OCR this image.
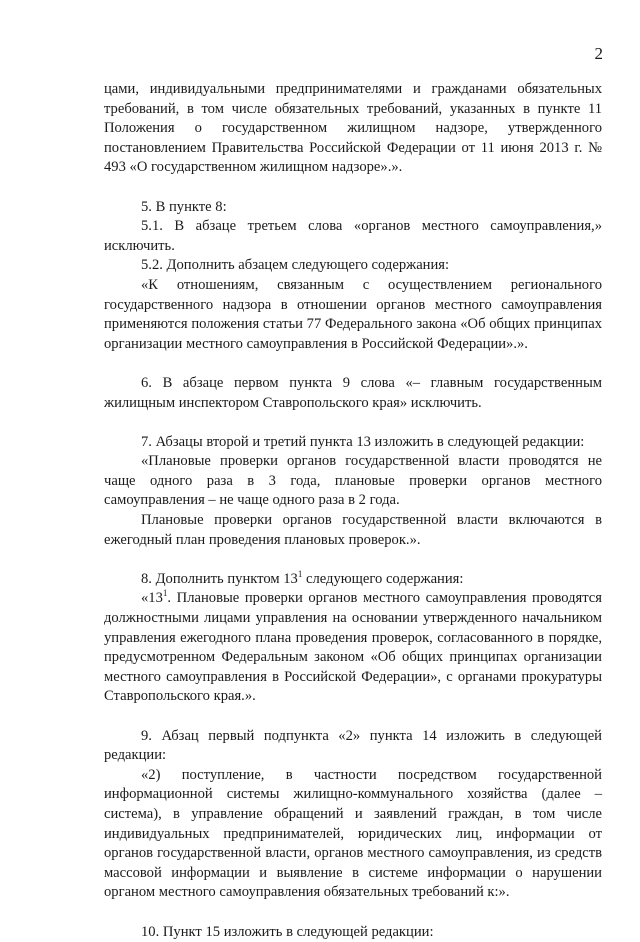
2

цами, индивидуальными предпринимателями и гражданами обязательных требований, в том числе обязательных требований, указанных в пункте 11 Положения о государственном жилищном надзоре, утвержденного постановлением Правительства Российской Федерации от 11 июня 2013 г. № 493 «О государственном жилищном надзоре».».

5. В пункте 8:

5.1. В абзаце третьем слова «органов местного самоуправления,» исключить.

5.2. Дополнить абзацем следующего содержания:

«К отношениям, связанным с осуществлением регионального государственного надзора в отношении органов местного самоуправления применяются положения статьи 77 Федерального закона «Об общих принципах организации местного самоуправления в Российской Федерации».».

6. В абзаце первом пункта 9 слова «– главным государственным жилищным инспектором Ставропольского края» исключить.

7. Абзацы второй и третий пункта 13 изложить в следующей редакции:

«Плановые проверки органов государственной власти проводятся не чаще одного раза в 3 года, плановые проверки органов местного самоуправления – не чаще одного раза в 2 года.

Плановые проверки органов государственной власти включаются в ежегодный план проведения плановых проверок.».

8. Дополнить пунктом 13$^1$ следующего содержания:

«13$^1$. Плановые проверки органов местного самоуправления проводятся должностными лицами управления на основании утвержденного начальником управления ежегодного плана проведения проверок, согласованного в порядке, предусмотренном Федеральным законом «Об общих принципах организации местного самоуправления в Российской Федерации», с органами прокуратуры Ставропольского края.».

9. Абзац первый подпункта «2» пункта 14 изложить в следующей редакции:

«2) поступление, в частности посредством государственной информационной системы жилищно-коммунального хозяйства (далее – система), в управление обращений и заявлений граждан, в том числе индивидуальных предпринимателей, юридических лиц, информации от органов государственной власти, органов местного самоуправления, из средств массовой информации и выявление в системе информации о нарушении органом местного самоуправления обязательных требований к:».

10. Пункт 15 изложить в следующей редакции:
